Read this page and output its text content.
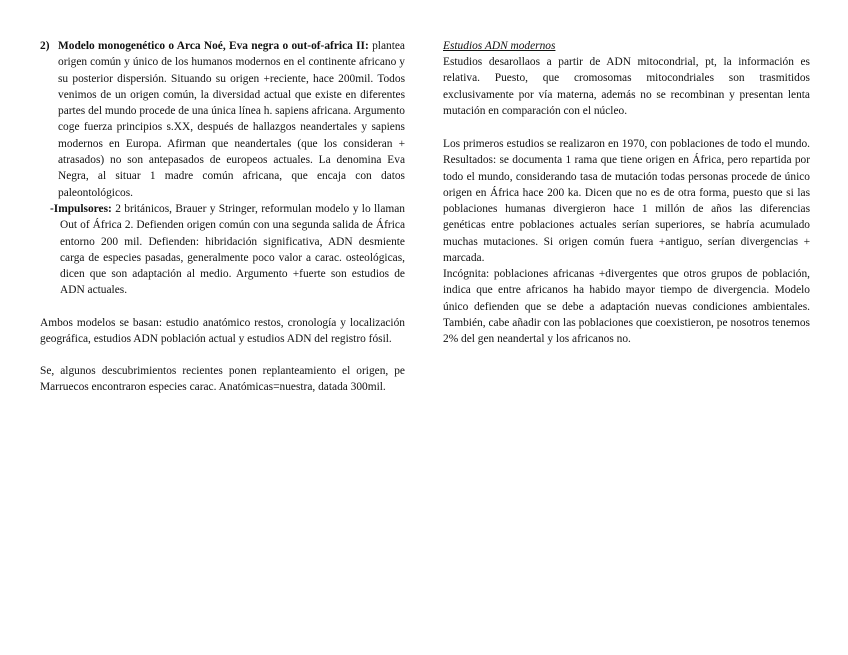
2) Modelo monogenético o Arca Noé, Eva negra o out-of-africa II: plantea origen común y único de los humanos modernos en el continente africano y su posterior dispersión. Situando su origen +reciente, hace 200mil. Todos venimos de un origen común, la diversidad actual que existe en diferentes partes del mundo procede de una única línea h. sapiens africana. Argumento coge fuerza principios s.XX, después de hallazgos neandertales y sapiens modernos en Europa. Afirman que neandertales (que los consideran + atrasados) no son antepasados de europeos actuales. La denomina Eva Negra, al situar 1 madre común africana, que encaja con datos paleontológicos.

-Impulsores: 2 británicos, Brauer y Stringer, reformulan modelo y lo llaman Out of África 2. Defienden origen común con una segunda salida de África entorno 200 mil. Defienden: hibridación significativa, ADN desmiente carga de especies pasadas, generalmente poco valor a carac. osteológicas, dicen que son adaptación al medio. Argumento +fuerte son estudios de ADN actuales.

Ambos modelos se basan: estudio anatómico restos, cronología y localización geográfica, estudios ADN población actual y estudios ADN del registro fósil.

Se, algunos descubrimientos recientes ponen replanteamiento el origen, pe Marruecos encontraron especies carac. Anatómicas=nuestra, datada 300mil.

Estudios ADN modernos

Estudios desarollaos a partir de ADN mitocondrial, pt, la información es relativa. Puesto, que cromosomas mitocondriales son trasmitidos exclusivamente por vía materna, además no se recombinan y presentan lenta mutación en comparación con el núcleo.

Los primeros estudios se realizaron en 1970, con poblaciones de todo el mundo. Resultados: se documenta 1 rama que tiene origen en África, pero repartida por todo el mundo, considerando tasa de mutación todas personas procede de único origen en África hace 200 ka. Dicen que no es de otra forma, puesto que si las poblaciones humanas divergieron hace 1 millón de años las diferencias genéticas entre poblaciones actuales serían superiores, se habría acumulado muchas mutaciones. Si origen común fuera +antiguo, serían divergencias + marcada.

Incógnita: poblaciones africanas +divergentes que otros grupos de población, indica que entre africanos ha habido mayor tiempo de divergencia. Modelo único defienden que se debe a adaptación nuevas condiciones ambientales. También, cabe añadir con las poblaciones que coexistieron, pe nosotros tenemos 2% del gen neandertal y los africanos no.
